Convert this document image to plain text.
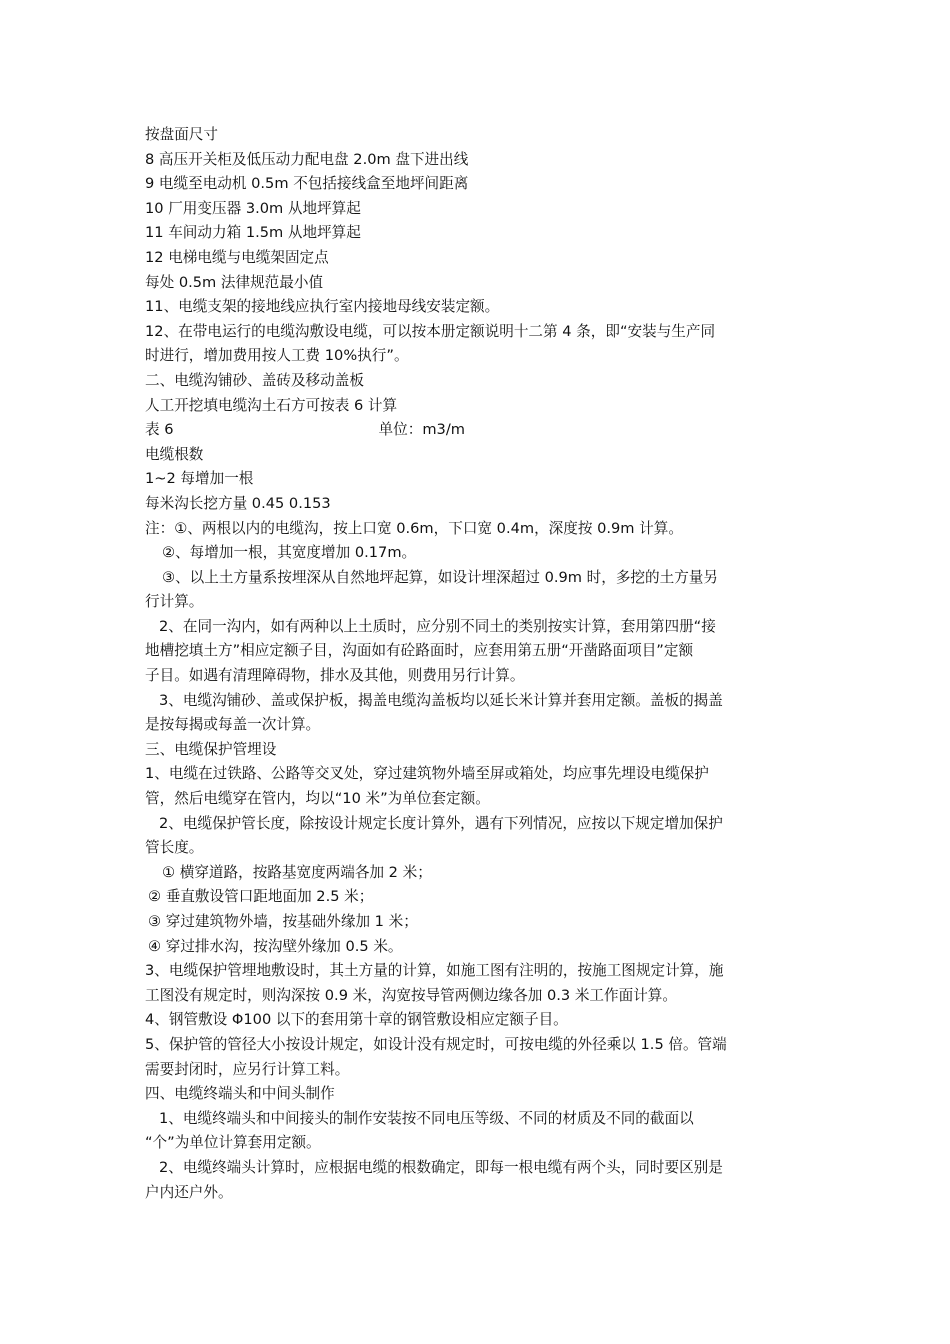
按盘面尺寸
8 高压开关柜及低压动力配电盘 2.0m 盘下进出线
9 电缆至电动机 0.5m 不包括接线盒至地坪间距离
10 厂用变压器 3.0m 从地坪算起
11 车间动力箱 1.5m 从地坪算起
12 电梯电缆与电缆架固定点
每处 0.5m 法律规范最小值
11、电缆支架的接地线应执行室内接地母线安装定额。
12、在带电运行的电缆沟敷设电缆，可以按本册定额说明十二第 4 条，即“安装与生产同
时进行，增加费用按人工费 10%执行”。
二、电缆沟铺砂、盖砖及移动盖板
人工开挖填电缆沟土石方可按表 6 计算
表 6	单位：m3/m
电缆根数
1~2 每增加一根
每米沟长挖方量 0.45 0.153
注：①、两根以内的电缆沟，按上口宽 0.6m，下口宽 0.4m，深度按 0.9m 计算。
②、每增加一根，其宽度增加 0.17m。
③、以上土方量系按埋深从自然地坪起算，如设计埋深超过 0.9m 时，多挖的土方量另
行计算。
2、在同一沟内，如有两种以上土质时，应分别不同土的类别按实计算，套用第四册“接
地槽挖填土方”相应定额子目，沟面如有砼路面时，应套用第五册“开凿路面项目”定额
子目。如遇有清理障碍物，排水及其他，则费用另行计算。
3、电缆沟铺砂、盖或保护板，揭盖电缆沟盖板均以延长米计算并套用定额。盖板的揭盖
是按每揭或每盖一次计算。
三、电缆保护管埋设
1、电缆在过铁路、公路等交叉处，穿过建筑物外墙至屏或箱处，均应事先埋设电缆保护
管，然后电缆穿在管内，均以“10 米”为单位套定额。
2、电缆保护管长度，除按设计规定长度计算外，遇有下列情况，应按以下规定增加保护
管长度。
① 横穿道路，按路基宽度两端各加 2 米；
② 垂直敷设管口距地面加 2.5 米；
③ 穿过建筑物外墙，按基础外缘加 1 米；
④ 穿过排水沟，按沟壁外缘加 0.5 米。
3、电缆保护管埋地敷设时，其土方量的计算，如施工图有注明的，按施工图规定计算，施
工图没有规定时，则沟深按 0.9 米，沟宽按导管两侧边缘各加 0.3 米工作面计算。
4、钢管敷设 Φ100 以下的套用第十章的钢管敷设相应定额子目。
5、保护管的管径大小按设计规定，如设计没有规定时，可按电缆的外径乘以 1.5 倍。管端
需要封闭时，应另行计算工料。
四、电缆终端头和中间头制作
1、电缆终端头和中间接头的制作安装按不同电压等级、不同的材质及不同的截面以
“个”为单位计算套用定额。
2、电缆终端头计算时，应根据电缆的根数确定，即每一根电缆有两个头，同时要区别是
户内还户外。
